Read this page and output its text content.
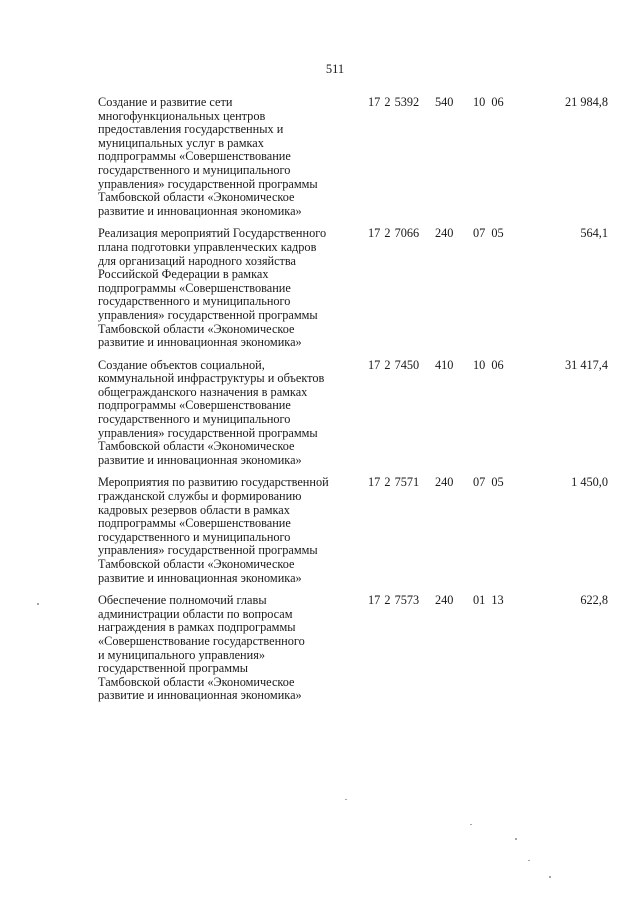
511
Создание и развитие сети
многофункциональных центров
предоставления государственных и
муниципальных услуг в рамках
подпрограммы «Совершенствование
государственного и муниципального
управления» государственной программы
Тамбовской области «Экономическое
развитие и инновационная экономика»
17 2 5392	540	10 06	21 984,8
Реализация мероприятий Государственного
плана подготовки управленческих кадров
для организаций народного хозяйства
Российской Федерации в рамках
подпрограммы «Совершенствование
государственного и муниципального
управления» государственной программы
Тамбовской области «Экономическое
развитие и инновационная экономика»
17 2 7066	240	07 05	564,1
Создание объектов социальной,
коммунальной инфраструктуры и объектов
общегражданского назначения в рамках
подпрограммы «Совершенствование
государственного и муниципального
управления» государственной программы
Тамбовской области «Экономическое
развитие и инновационная экономика»
17 2 7450	410	10 06	31 417,4
Мероприятия по развитию государственной
гражданской службы и формированию
кадровых резервов области в рамках
подпрограммы «Совершенствование
государственного и муниципального
управления» государственной программы
Тамбовской области «Экономическое
развитие и инновационная экономика»
17 2 7571	240	07 05	1 450,0
Обеспечение полномочий главы
администрации области по вопросам
награждения в рамках подпрограммы
«Совершенствование государственного
и муниципального управления»
государственной программы
Тамбовской области «Экономическое
развитие и инновационная экономика»
17 2 7573	240	01 13	622,8
